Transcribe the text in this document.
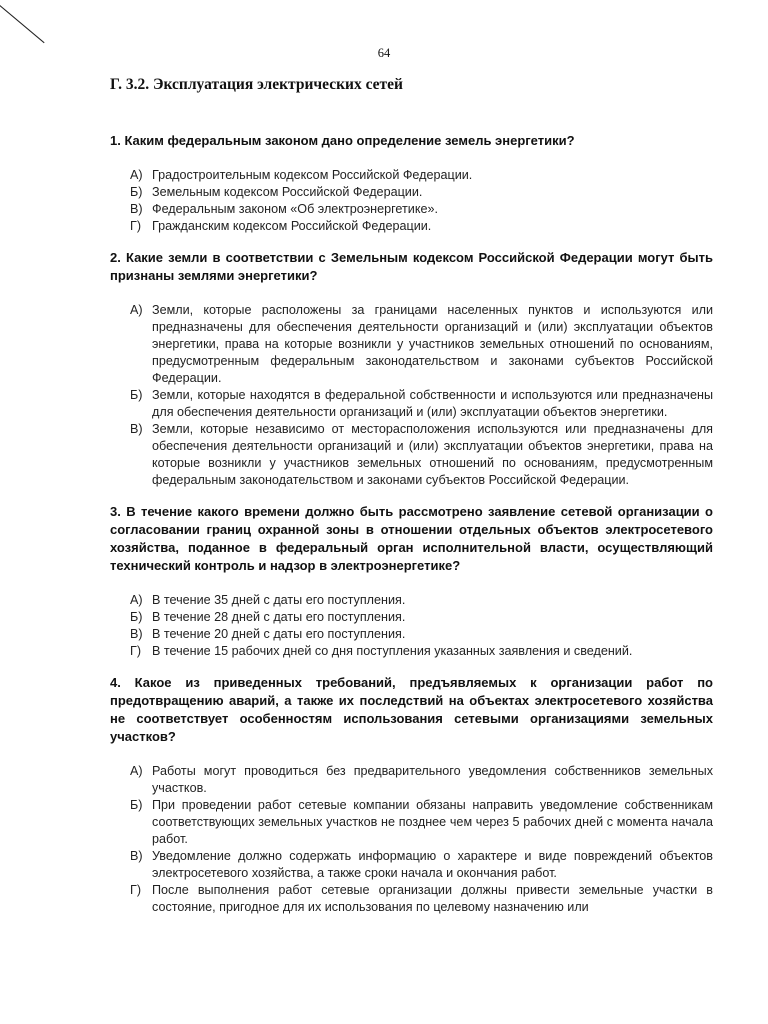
64
Г. 3.2. Эксплуатация электрических сетей

1. Каким федеральным законом дано определение земель энергетики?

А) Градостроительным кодексом Российской Федерации.
Б) Земельным кодексом Российской Федерации.
В) Федеральным законом «Об электроэнергетике».
Г) Гражданским кодексом Российской Федерации.

2. Какие земли в соответствии с Земельным кодексом Российской Федерации могут быть признаны землями энергетики?

А) Земли, которые расположены за границами населенных пунктов и используются или предназначены для обеспечения деятельности организаций и (или) эксплуатации объектов энергетики, права на которые возникли у участников земельных отношений по основаниям, предусмотренным федеральным законодательством и законами субъектов Российской Федерации.
Б) Земли, которые находятся в федеральной собственности и используются или предназначены для обеспечения деятельности организаций и (или) эксплуатации объектов энергетики.
В) Земли, которые независимо от месторасположения используются или предназначены для обеспечения деятельности организаций и (или) эксплуатации объектов энергетики, права на которые возникли у участников земельных отношений по основаниям, предусмотренным федеральным законодательством и законами субъектов Российской Федерации.

3. В течение какого времени должно быть рассмотрено заявление сетевой организации о согласовании границ охранной зоны в отношении отдельных объектов электросетевого хозяйства, поданное в федеральный орган исполнительной власти, осуществляющий технический контроль и надзор в электроэнергетике?

А) В течение 35 дней с даты его поступления.
Б) В течение 28 дней с даты его поступления.
В) В течение 20 дней с даты его поступления.
Г) В течение 15 рабочих дней со дня поступления указанных заявления и сведений.

4. Какое из приведенных требований, предъявляемых к организации работ по предотвращению аварий, а также их последствий на объектах электросетевого хозяйства не соответствует особенностям использования сетевыми организациями земельных участков?

А) Работы могут проводиться без предварительного уведомления собственников земельных участков.
Б) При проведении работ сетевые компании обязаны направить уведомление собственникам соответствующих земельных участков не позднее чем через 5 рабочих дней с момента начала работ.
В) Уведомление должно содержать информацию о характере и виде повреждений объектов электросетевого хозяйства, а также сроки начала и окончания работ.
Г) После выполнения работ сетевые организации должны привести земельные участки в состояние, пригодное для их использования по целевому назначению или
